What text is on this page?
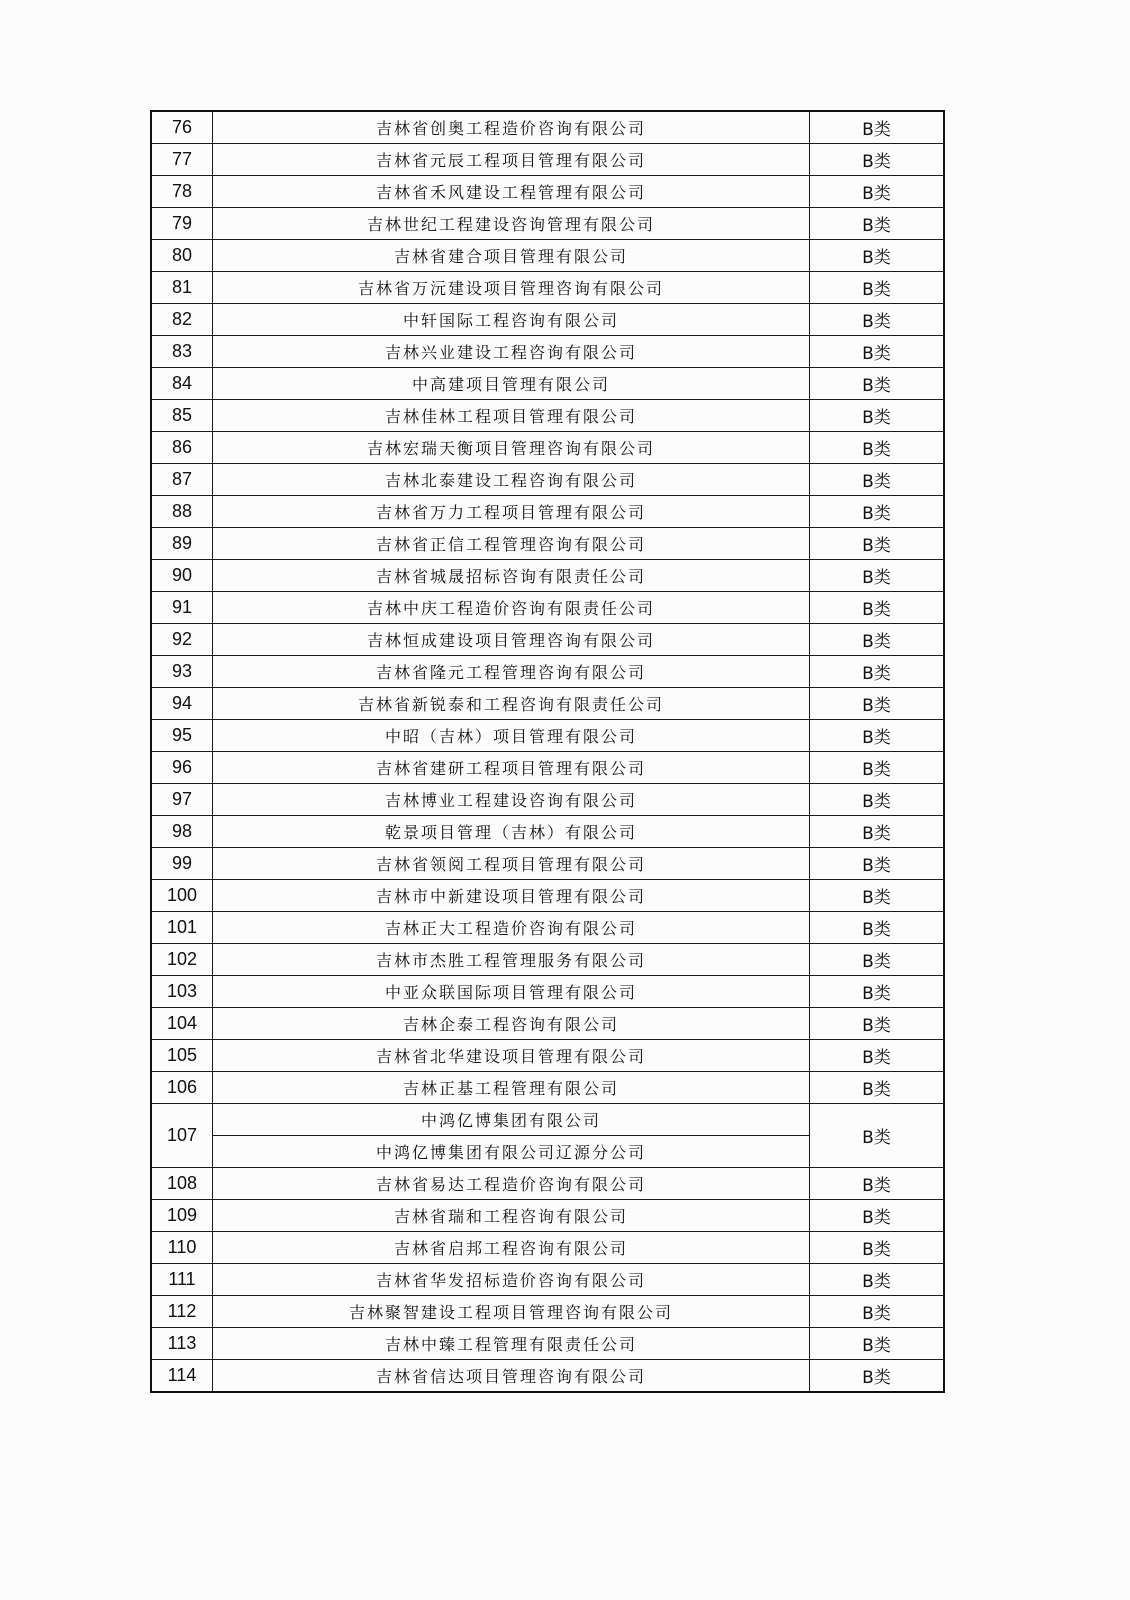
76	吉林省创奥工程造价咨询有限公司	B类
77	吉林省元辰工程项目管理有限公司	B类
78	吉林省禾风建设工程管理有限公司	B类
79	吉林世纪工程建设咨询管理有限公司	B类
80	吉林省建合项目管理有限公司	B类
81	吉林省万沅建设项目管理咨询有限公司	B类
82	中轩国际工程咨询有限公司	B类
83	吉林兴业建设工程咨询有限公司	B类
84	中高建项目管理有限公司	B类
85	吉林佳林工程项目管理有限公司	B类
86	吉林宏瑞天衡项目管理咨询有限公司	B类
87	吉林北泰建设工程咨询有限公司	B类
88	吉林省万力工程项目管理有限公司	B类
89	吉林省正信工程管理咨询有限公司	B类
90	吉林省城晟招标咨询有限责任公司	B类
91	吉林中庆工程造价咨询有限责任公司	B类
92	吉林恒成建设项目管理咨询有限公司	B类
93	吉林省隆元工程管理咨询有限公司	B类
94	吉林省新锐泰和工程咨询有限责任公司	B类
95	中昭（吉林）项目管理有限公司	B类
96	吉林省建研工程项目管理有限公司	B类
97	吉林博业工程建设咨询有限公司	B类
98	乾景项目管理（吉林）有限公司	B类
99	吉林省领阅工程项目管理有限公司	B类
100	吉林市中新建设项目管理有限公司	B类
101	吉林正大工程造价咨询有限公司	B类
102	吉林市杰胜工程管理服务有限公司	B类
103	中亚众联国际项目管理有限公司	B类
104	吉林企泰工程咨询有限公司	B类
105	吉林省北华建设项目管理有限公司	B类
106	吉林正基工程管理有限公司	B类
107	中鸿亿博集团有限公司	B类
	中鸿亿博集团有限公司辽源分公司	
108	吉林省易达工程造价咨询有限公司	B类
109	吉林省瑞和工程咨询有限公司	B类
110	吉林省启邦工程咨询有限公司	B类
111	吉林省华发招标造价咨询有限公司	B类
112	吉林聚智建设工程项目管理咨询有限公司	B类
113	吉林中臻工程管理有限责任公司	B类
114	吉林省信达项目管理咨询有限公司	B类
